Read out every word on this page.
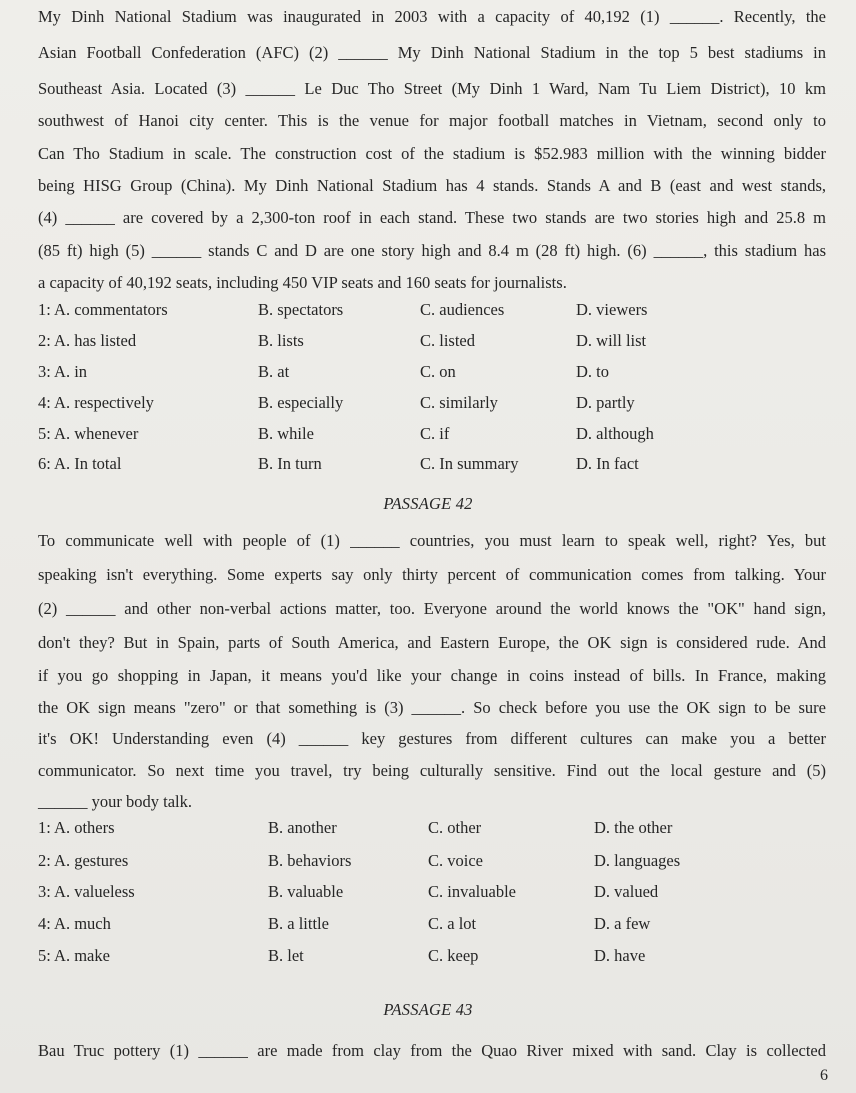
My Dinh National Stadium was inaugurated in 2003 with a capacity of 40,192 (1) ______. Recently, the
Asian Football Confederation (AFC) (2) ______ My Dinh National Stadium in the top 5 best stadiums in
Southeast Asia. Located (3) ______ Le Duc Tho Street (My Dinh 1 Ward, Nam Tu Liem District), 10 km
southwest of Hanoi city center. This is the venue for major football matches in Vietnam, second only to
Can Tho Stadium in scale. The construction cost of the stadium is $52.983 million with the winning bidder
being HISG Group (China). My Dinh National Stadium has 4 stands. Stands A and B (east and west stands,
(4) ______ are covered by a 2,300-ton roof in each stand. These two stands are two stories high and 25.8 m
(85 ft) high (5) ______ stands C and D are one story high and 8.4 m (28 ft) high. (6) ______, this stadium has
a capacity of 40,192 seats, including 450 VIP seats and 160 seats for journalists.
1: A. commentators	B. spectators	C. audiences	D. viewers
2: A. has listed	B. lists	C. listed	D. will list
3: A. in	B. at	C. on	D. to
4: A. respectively	B. especially	C. similarly	D. partly
5: A. whenever	B. while	C. if	D. although
6: A. In total	B. In turn	C. In summary	D. In fact
PASSAGE 42
To communicate well with people of (1) ______ countries, you must learn to speak well, right? Yes, but
speaking isn't everything. Some experts say only thirty percent of communication comes from talking. Your
(2) ______ and other non-verbal actions matter, too. Everyone around the world knows the "OK" hand sign,
don't they? But in Spain, parts of South America, and Eastern Europe, the OK sign is considered rude. And
if you go shopping in Japan, it means you'd like your change in coins instead of bills. In France, making
the OK sign means "zero" or that something is (3) ______. So check before you use the OK sign to be sure
it's OK! Understanding even (4) ______ key gestures from different cultures can make you a better
communicator. So next time you travel, try being culturally sensitive. Find out the local gesture and (5)
______ your body talk.
1: A. others	B. another	C. other	D. the other
2: A. gestures	B. behaviors	C. voice	D. languages
3: A. valueless	B. valuable	C. invaluable	D. valued
4: A. much	B. a little	C. a lot	D. a few
5: A. make	B. let	C. keep	D. have
PASSAGE 43
Bau Truc pottery (1) ______ are made from clay from the Quao River mixed with sand. Clay is collected
6
